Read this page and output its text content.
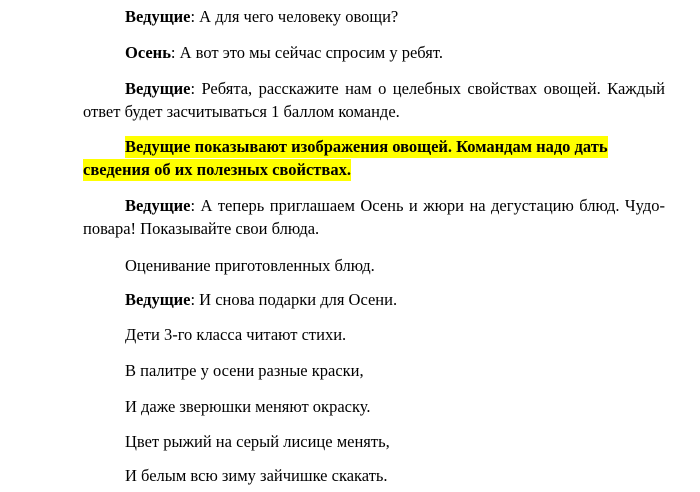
Ведущие: А для чего человеку овощи?

Осень: А вот это мы сейчас спросим у ребят.

Ведущие: Ребята, расскажите нам о целебных свойствах овощей. Каждый ответ будет засчитываться 1 баллом команде.

Ведущие показывают изображения овощей. Командам надо дать
сведения об их полезных свойствах.

Ведущие: А теперь приглашаем Осень и жюри на дегустацию блюд. Чудо-повара! Показывайте свои блюда.

Оценивание приготовленных блюд.

Ведущие: И снова подарки для Осени.

Дети 3-го класса читают стихи.

В палитре у осени разные краски,

И даже зверюшки меняют окраску.

Цвет рыжий на серый лисице менять,

И белым всю зиму зайчишке скакать.
